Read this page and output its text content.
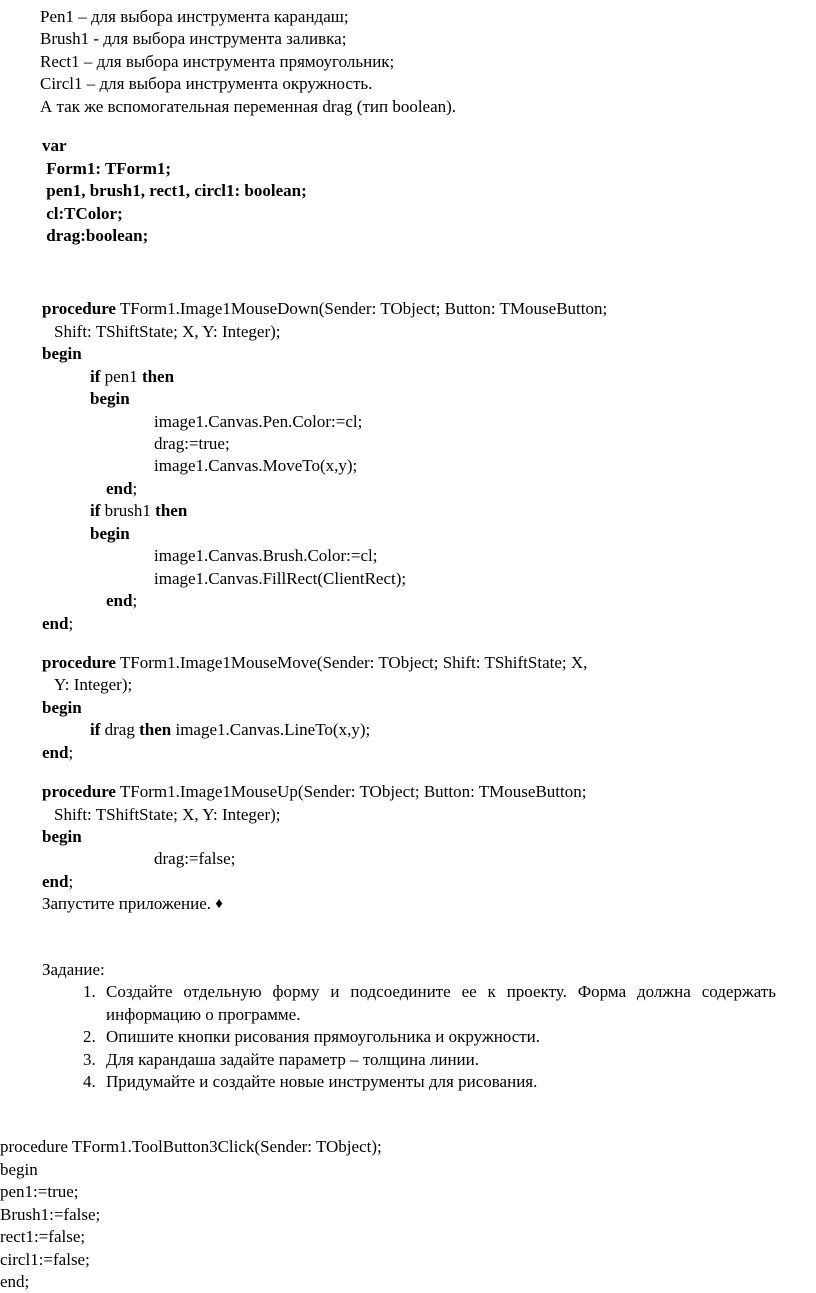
Pen1 – для выбора инструмента карандаш;
Brush1 - для выбора инструмента заливка;
Rect1 – для выбора инструмента прямоугольник;
Circl1 – для выбора инструмента окружность.
А так же вспомогательная переменная drag (тип boolean).
var
Form1: TForm1;
pen1, brush1, rect1, circl1: boolean;
cl:TColor;
drag:boolean;
procedure TForm1.Image1MouseDown(Sender: TObject; Button: TMouseButton;
Shift: TShiftState; X, Y: Integer);
begin
if pen1 then
begin
image1.Canvas.Pen.Color:=cl;
drag:=true;
image1.Canvas.MoveTo(x,y);
end;
if brush1 then
begin
image1.Canvas.Brush.Color:=cl;
image1.Canvas.FillRect(ClientRect);
end;
end;
procedure TForm1.Image1MouseMove(Sender: TObject; Shift: TShiftState; X,
Y: Integer);
begin
if drag then image1.Canvas.LineTo(x,y);
end;
procedure TForm1.Image1MouseUp(Sender: TObject; Button: TMouseButton;
Shift: TShiftState; X, Y: Integer);
begin
drag:=false;
end;
Запустите приложение. ♦
Задание:
1. Создайте отдельную форму и подсоедините ее к проекту. Форма должна содержать информацию о программе.
2. Опишите кнопки рисования прямоугольника и окружности.
3. Для карандаша задайте параметр – толщина линии.
4. Придумайте и создайте новые инструменты для рисования.
procedure TForm1.ToolButton3Click(Sender: TObject);
begin
pen1:=true;
Brush1:=false;
rect1:=false;
circl1:=false;
end;
